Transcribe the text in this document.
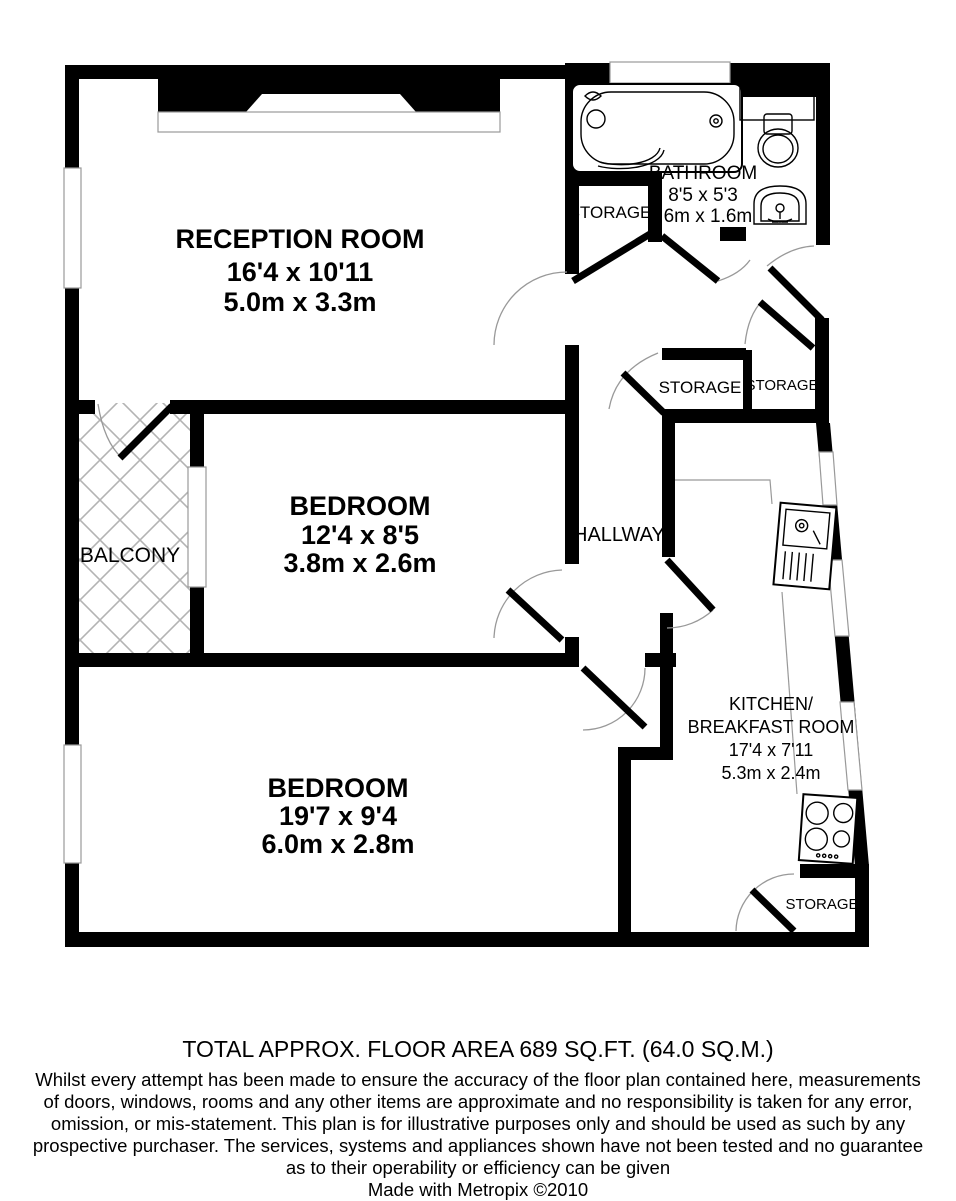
RECEPTION ROOM
16'4 x 10'11
5.0m x 3.3m
BATHROOM
8'5 x 5'3
2.6m x 1.6m
STORAGE
BEDROOM
12'4 x 8'5
3.8m x 2.6m
BALCONY
HALLWAY
STORAGE STORAGE
BEDROOM
19'7 x 9'4
6.0m x 2.8m
KITCHEN/
BREAKFAST ROOM
17'4 x 7'11
5.3m x 2.4m
STORAGE

TOTAL APPROX. FLOOR AREA 689 SQ.FT. (64.0 SQ.M.)

Whilst every attempt has been made to ensure the accuracy of the floor plan contained here, measurements

of doors, windows, rooms and any other items are approximate and no responsibility is taken for any error,

omission, or mis-statement. This plan is for illustrative purposes only and should be used as such by any

prospective purchaser. The services, systems and appliances shown have not been tested and no guarantee

as to their operability or efficiency can be given

Made with Metropix ©2010
